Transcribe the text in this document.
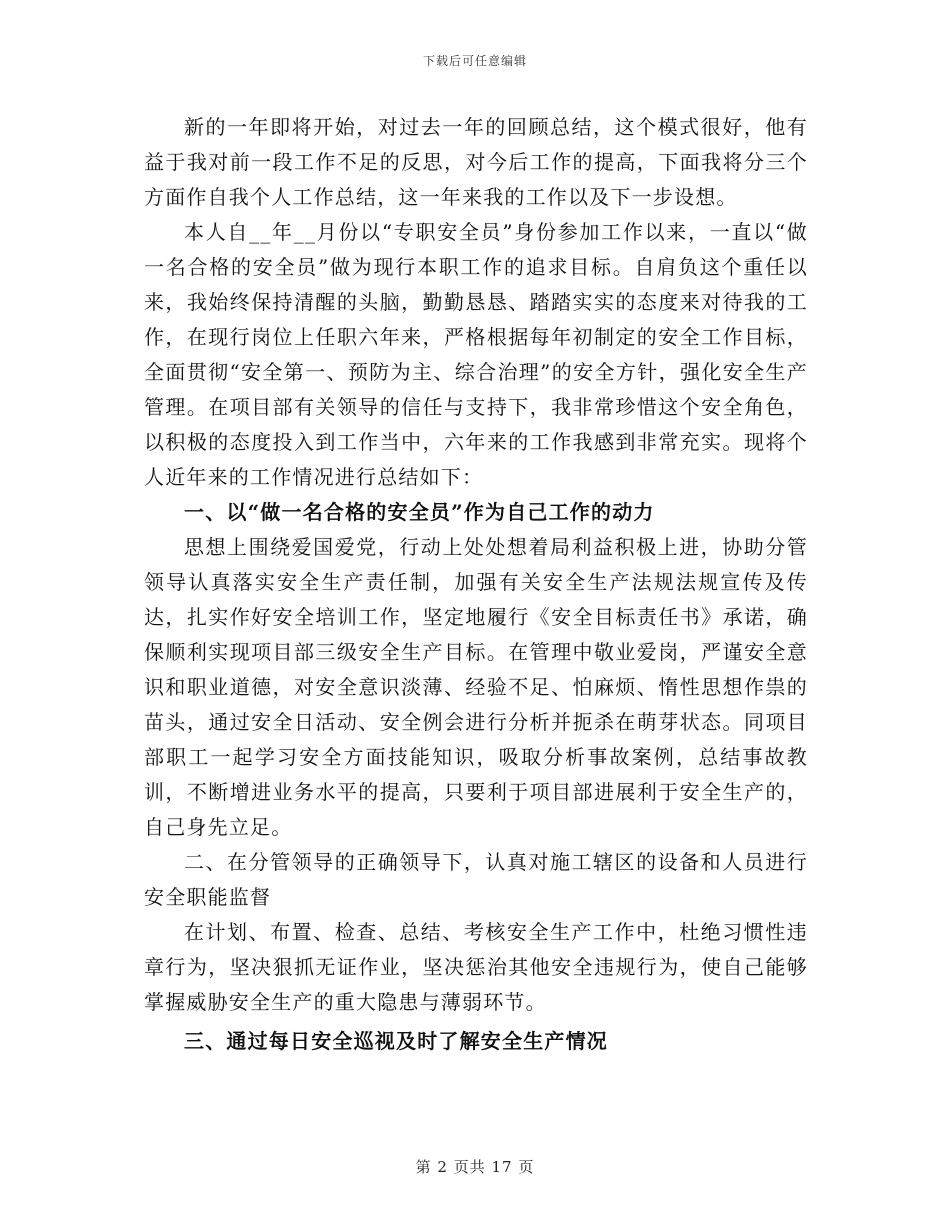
下载后可任意编辑

新的一年即将开始，对过去一年的回顾总结，这个模式很好，他有益于我对前一段工作不足的反思，对今后工作的提高，下面我将分三个方面作自我个人工作总结，这一年来我的工作以及下一步设想。

本人自__年__月份以“专职安全员”身份参加工作以来，一直以“做一名合格的安全员”做为现行本职工作的追求目标。自肩负这个重任以来，我始终保持清醒的头脑，勤勤恳恳、踏踏实实的态度来对待我的工作，在现行岗位上任职六年来，严格根据每年初制定的安全工作目标，全面贯彻“安全第一、预防为主、综合治理”的安全方针，强化安全生产管理。在项目部有关领导的信任与支持下，我非常珍惜这个安全角色，以积极的态度投入到工作当中，六年来的工作我感到非常充实。现将个人近年来的工作情况进行总结如下：

一、以“做一名合格的安全员”作为自己工作的动力

思想上围绕爱国爱党，行动上处处想着局利益积极上进，协助分管领导认真落实安全生产责任制，加强有关安全生产法规法规宣传及传达，扎实作好安全培训工作，坚定地履行《安全目标责任书》承诺，确保顺利实现项目部三级安全生产目标。在管理中敬业爱岗，严谨安全意识和职业道德，对安全意识淡薄、经验不足、怕麻烦、惰性思想作祟的苗头，通过安全日活动、安全例会进行分析并扼杀在萌芽状态。同项目部职工一起学习安全方面技能知识，吸取分析事故案例，总结事故教训，不断增进业务水平的提高，只要利于项目部进展利于安全生产的，自己身先立足。

二、在分管领导的正确领导下，认真对施工辖区的设备和人员进行安全职能监督

在计划、布置、检查、总结、考核安全生产工作中，杜绝习惯性违章行为，坚决狠抓无证作业，坚决惩治其他安全违规行为，使自己能够掌握威胁安全生产的重大隐患与薄弱环节。

三、通过每日安全巡视及时了解安全生产情况

第 2 页共 17 页
